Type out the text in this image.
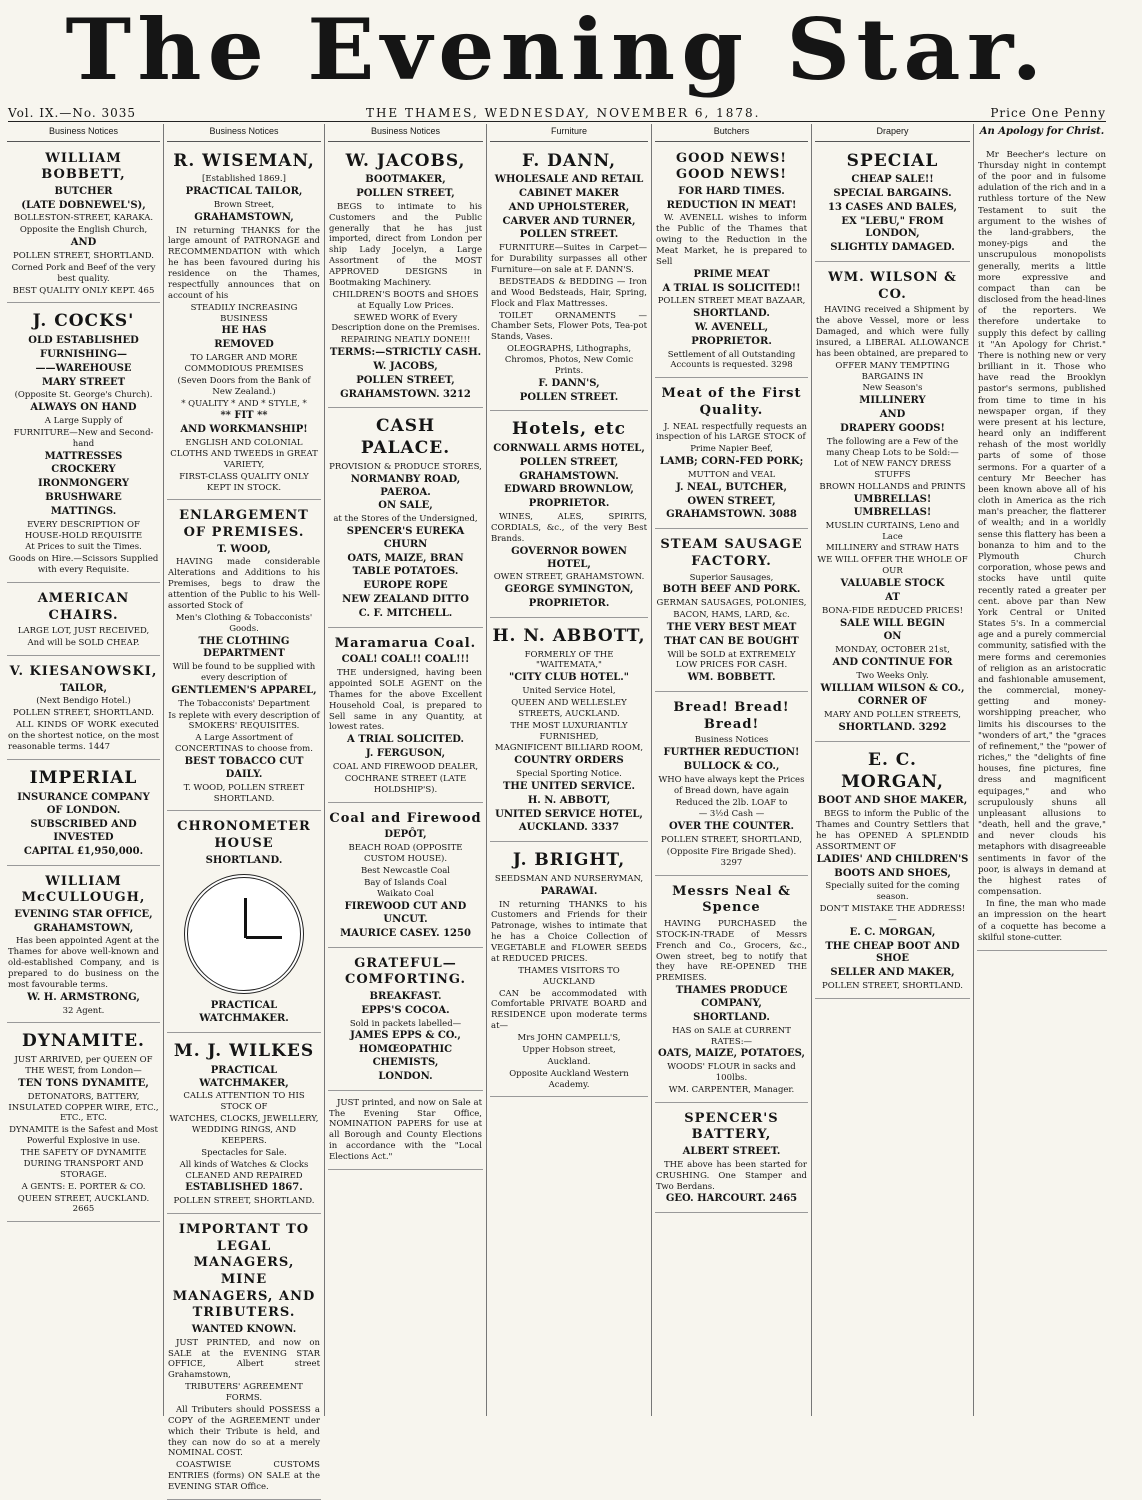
The Evening Star.
Vol. IX.—No. 3035	THE THAMES, WEDNESDAY, NOVEMBER 6, 1878.	Price One Penny
Business Notices
WILLIAM BOBBETT,

BUTCHER

(LATE DOBNEWEL'S),

BOLLESTON-STREET, KARAKA.

Opposite the English Church,

AND

POLLEN STREET, SHORTLAND.

Corned Pork and Beef of the very best quality.

BEST QUALITY ONLY KEPT. 465

J. COCKS'

OLD ESTABLISHED

FURNISHING—

——WAREHOUSE

MARY STREET

(Opposite St. George's Church).

ALWAYS ON HAND

A Large Supply of

FURNITURE—New and Second-hand

MATTRESSES

CROCKERY

IRONMONGERY

BRUSHWARE

MATTINGS.

EVERY DESCRIPTION OF HOUSE-HOLD REQUISITE

At Prices to suit the Times.

Goods on Hire.—Scissors Supplied with every Requisite.

AMERICAN CHAIRS.

LARGE LOT, JUST RECEIVED,

And will be SOLD CHEAP.

V. KIESANOWSKI,

TAILOR,

(Next Bendigo Hotel.)

POLLEN STREET, SHORTLAND.

ALL KINDS OF WORK executed on the shortest notice, on the most reasonable terms. 1447

IMPERIAL

INSURANCE COMPANY

OF LONDON.

SUBSCRIBED AND INVESTED

CAPITAL £1,950,000.

WILLIAM McCULLOUGH,

EVENING STAR OFFICE,

GRAHAMSTOWN,

Has been appointed Agent at the Thames for above well-known and old-established Company, and is prepared to do business on the most favourable terms.

W. H. ARMSTRONG,

32 Agent.

DYNAMITE.

JUST ARRIVED, per QUEEN OF THE WEST, from London—

TEN TONS DYNAMITE,

DETONATORS, BATTERY, INSULATED COPPER WIRE, ETC., ETC., ETC.

DYNAMITE is the Safest and Most Powerful Explosive in use.

THE SAFETY OF DYNAMITE DURING TRANSPORT AND STORAGE.

A GENTS: E. PORTER & CO.

QUEEN STREET, AUCKLAND. 2665

Business Notices
R. WISEMAN,

[Established 1869.]

PRACTICAL TAILOR,

Brown Street,

GRAHAMSTOWN,

IN returning THANKS for the large amount of PATRONAGE and RECOMMENDATION with which he has been favoured during his residence on the Thames, respectfully announces that on account of his

STEADILY INCREASING BUSINESS

HE HAS

REMOVED

TO LARGER AND MORE COMMODIOUS PREMISES

(Seven Doors from the Bank of New Zealand.)

* QUALITY * AND * STYLE, *

** FIT **

AND WORKMANSHIP!

ENGLISH AND COLONIAL CLOTHS AND TWEEDS in GREAT VARIETY,

FIRST-CLASS QUALITY ONLY KEPT IN STOCK.

ENLARGEMENT OF PREMISES.

T. WOOD,

HAVING made considerable Alterations and Additions to his Premises, begs to draw the attention of the Public to his Well-assorted Stock of

Men's Clothing & Tobacconists' Goods.

THE CLOTHING DEPARTMENT

Will be found to be supplied with every description of

GENTLEMEN'S APPAREL,

The Tobacconists' Department

Is replete with every description of SMOKERS' REQUISITES.

A Large Assortment of CONCERTINAS to choose from.

BEST TOBACCO CUT DAILY.

T. WOOD, POLLEN STREET SHORTLAND.

CHRONOMETER HOUSE

SHORTLAND.

PRACTICAL

WATCHMAKER.

M. J. WILKES

PRACTICAL WATCHMAKER,

CALLS ATTENTION TO HIS STOCK OF

WATCHES, CLOCKS, JEWELLERY, WEDDING RINGS, AND KEEPERS.

Spectacles for Sale.

All kinds of Watches & Clocks CLEANED AND REPAIRED

ESTABLISHED 1867.

POLLEN STREET, SHORTLAND.

IMPORTANT TO LEGAL MANAGERS, MINE MANAGERS, AND TRIBUTERS.

WANTED KNOWN.

JUST PRINTED, and now on SALE at the EVENING STAR OFFICE, Albert street Grahamstown,

TRIBUTERS' AGREEMENT FORMS.

All Tributers should POSSESS a COPY of the AGREEMENT under which their Tribute is held, and they can now do so at a merely NOMINAL COST.

COASTWISE CUSTOMS ENTRIES (forms) ON SALE at the EVENING STAR Office.

Business Notices
W. JACOBS,

BOOTMAKER,

POLLEN STREET,

BEGS to intimate to his Customers and the Public generally that he has just imported, direct from London per ship Lady Jocelyn, a Large Assortment of the MOST APPROVED DESIGNS in Bootmaking Machinery.

CHILDREN'S BOOTS and SHOES at Equally Low Prices.

SEWED WORK of Every Description done on the Premises.

REPAIRING NEATLY DONE!!!

TERMS:—STRICTLY CASH.

W. JACOBS,

POLLEN STREET,

GRAHAMSTOWN. 3212

CASH PALACE.

PROVISION & PRODUCE STORES,

NORMANBY ROAD, PAEROA.

ON SALE,

at the Stores of the Undersigned,

SPENCER'S EUREKA CHURN

OATS, MAIZE, BRAN

TABLE POTATOES.

EUROPE ROPE

NEW ZEALAND DITTO

C. F. MITCHELL.

Maramarua Coal.

COAL! COAL!! COAL!!!

THE undersigned, having been appointed SOLE AGENT on the Thames for the above Excellent Household Coal, is prepared to Sell same in any Quantity, at lowest rates.

A TRIAL SOLICITED.

J. FERGUSON,

COAL AND FIREWOOD DEALER,

COCHRANE STREET (LATE HOLDSHIP'S).

Coal and Firewood

DEPÔT,

BEACH ROAD (OPPOSITE CUSTOM HOUSE).

Best Newcastle Coal

Bay of Islands Coal

Waikato Coal

FIREWOOD CUT AND UNCUT.

MAURICE CASEY. 1250

GRATEFUL—COMFORTING.

BREAKFAST.

EPPS'S COCOA.

Sold in packets labelled—

JAMES EPPS & CO.,

HOMŒOPATHIC CHEMISTS,

LONDON.

JUST printed, and now on Sale at The Evening Star Office, NOMINATION PAPERS for use at all Borough and County Elections in accordance with the "Local Elections Act."

Furniture
F. DANN,

WHOLESALE AND RETAIL

CABINET MAKER

AND UPHOLSTERER,

CARVER AND TURNER,

POLLEN STREET.

FURNITURE—Suites in Carpet—for Durability surpasses all other Furniture—on sale at F. DANN'S.

BEDSTEADS & BEDDING — Iron and Wood Bedsteads, Hair, Spring, Flock and Flax Mattresses.

TOILET ORNAMENTS — Chamber Sets, Flower Pots, Tea-pot Stands, Vases.

OLEOGRAPHS, Lithographs, Chromos, Photos, New Comic Prints.

F. DANN'S,

POLLEN STREET.

Hotels, etc

CORNWALL ARMS HOTEL,

POLLEN STREET,

GRAHAMSTOWN.

EDWARD BROWNLOW,

PROPRIETOR.

WINES, ALES, SPIRITS, CORDIALS, &c., of the very Best Brands.

GOVERNOR BOWEN HOTEL,

OWEN STREET, GRAHAMSTOWN.

GEORGE SYMINGTON,

PROPRIETOR.

H. N. ABBOTT,

FORMERLY OF THE "WAITEMATA,"

"CITY CLUB HOTEL."

United Service Hotel,

QUEEN AND WELLESLEY STREETS, AUCKLAND.

THE MOST LUXURIANTLY FURNISHED,

MAGNIFICENT BILLIARD ROOM,

COUNTRY ORDERS

Special Sporting Notice.

THE UNITED SERVICE.

H. N. ABBOTT,

UNITED SERVICE HOTEL,

AUCKLAND. 3337

J. BRIGHT,

SEEDSMAN AND NURSERYMAN,

PARAWAI.

IN returning THANKS to his Customers and Friends for their Patronage, wishes to intimate that he has a Choice Collection of VEGETABLE and FLOWER SEEDS at REDUCED PRICES.

THAMES VISITORS TO AUCKLAND

CAN be accommodated with Comfortable PRIVATE BOARD and RESIDENCE upon moderate terms at—

Mrs JOHN CAMPELL'S,

Upper Hobson street,

Auckland.

Opposite Auckland Western Academy.

Butchers
GOOD NEWS! GOOD NEWS!

FOR HARD TIMES.

REDUCTION IN MEAT!

W. AVENELL wishes to inform the Public of the Thames that owing to the Reduction in the Meat Market, he is prepared to Sell

PRIME MEAT

A TRIAL IS SOLICITED!!

POLLEN STREET MEAT BAZAAR,

SHORTLAND.

W. AVENELL,

PROPRIETOR.

Settlement of all Outstanding Accounts is requested. 3298

Meat of the First Quality.

J. NEAL respectfully requests an inspection of his LARGE STOCK of

Prime Napier Beef,

LAMB; CORN-FED PORK;

MUTTON and VEAL

J. NEAL, BUTCHER,

OWEN STREET,

GRAHAMSTOWN. 3088

STEAM SAUSAGE FACTORY.

Superior Sausages,

BOTH BEEF AND PORK.

GERMAN SAUSAGES, POLONIES,

BACON, HAMS, LARD, &c.

THE VERY BEST MEAT

THAT CAN BE BOUGHT

Will be SOLD at EXTREMELY LOW PRICES FOR CASH.

WM. BOBBETT.

Bread! Bread! Bread!

Business Notices

FURTHER REDUCTION!

BULLOCK & CO.,

WHO have always kept the Prices of Bread down, have again

Reduced the 2lb. LOAF to

— 3½d Cash —

OVER THE COUNTER.

POLLEN STREET, SHORTLAND,

(Opposite Fire Brigade Shed). 3297

Messrs Neal & Spence

HAVING PURCHASED the STOCK-IN-TRADE of Messrs French and Co., Grocers, &c., Owen street, beg to notify that they have RE-OPENED THE PREMISES.

THAMES PRODUCE COMPANY,

SHORTLAND.

HAS on SALE at CURRENT RATES:—

OATS, MAIZE, POTATOES,

WOODS' FLOUR in sacks and 100lbs.

WM. CARPENTER, Manager.

SPENCER'S BATTERY,

ALBERT STREET.

THE above has been started for CRUSHING. One Stamper and Two Berdans.

GEO. HARCOURT. 2465

Drapery
SPECIAL

CHEAP SALE!!

SPECIAL BARGAINS.

13 CASES AND BALES,

EX "LEBU," FROM LONDON,

SLIGHTLY DAMAGED.

WM. WILSON & CO.

HAVING received a Shipment by the above Vessel, more or less Damaged, and which were fully insured, a LIBERAL ALLOWANCE has been obtained, are prepared to

OFFER MANY TEMPTING BARGAINS IN

New Season's

MILLINERY

AND

DRAPERY GOODS!

The following are a Few of the many Cheap Lots to be Sold:—

Lot of NEW FANCY DRESS STUFFS

BROWN HOLLANDS and PRINTS

UMBRELLAS! UMBRELLAS!

MUSLIN CURTAINS, Leno and Lace

MILLINERY and STRAW HATS

WE WILL OFFER THE WHOLE OF OUR

VALUABLE STOCK

AT

BONA-FIDE REDUCED PRICES!

SALE WILL BEGIN

ON

MONDAY, OCTOBER 21st,

AND CONTINUE FOR

Two Weeks Only.

WILLIAM WILSON & CO.,

CORNER OF

MARY AND POLLEN STREETS,

SHORTLAND. 3292

E. C. MORGAN,

BOOT AND SHOE MAKER,

BEGS to inform the Public of the Thames and Country Settlers that he has OPENED A SPLENDID ASSORTMENT OF

LADIES' AND CHILDREN'S

BOOTS AND SHOES,

Specially suited for the coming season.

DON'T MISTAKE THE ADDRESS!—

E. C. MORGAN,

THE CHEAP BOOT AND SHOE

SELLER AND MAKER,

POLLEN STREET, SHORTLAND.

An Apology for Christ.

Mr Beecher's lecture on Thursday night in contempt of the poor and in fulsome adulation of the rich and in a ruthless torture of the New Testament to suit the argument to the wishes of the land-grabbers, the money-pigs and the unscrupulous monopolists generally, merits a little more expressive and compact than can be disclosed from the head-lines of the reporters. We therefore undertake to supply this defect by calling it "An Apology for Christ." There is nothing new or very brilliant in it. Those who have read the Brooklyn pastor's sermons, published from time to time in his newspaper organ, if they were present at his lecture, heard only an indifferent rehash of the most worldly parts of some of those sermons. For a quarter of a century Mr Beecher has been known above all of his cloth in America as the rich man's preacher, the flatterer of wealth; and in a worldly sense this flattery has been a bonanza to him and to the Plymouth Church corporation, whose pews and stocks have until quite recently rated a greater per cent. above par than New York Central or United States 5's. In a commercial age and a purely commercial community, satisfied with the mere forms and ceremonies of religion as an aristocratic and fashionable amusement, the commercial, money-getting and money-worshipping preacher, who limits his discourses to the "wonders of art," the "graces of refinement," the "power of riches," the "delights of fine houses, fine pictures, fine dress and magnificent equipages," and who scrupulously shuns all unpleasant allusions to "death, hell and the grave," and never clouds his metaphors with disagreeable sentiments in favor of the poor, is always in demand at the highest rates of compensation.

In fine, the man who made an impression on the heart of a coquette has become a skilful stone-cutter.
